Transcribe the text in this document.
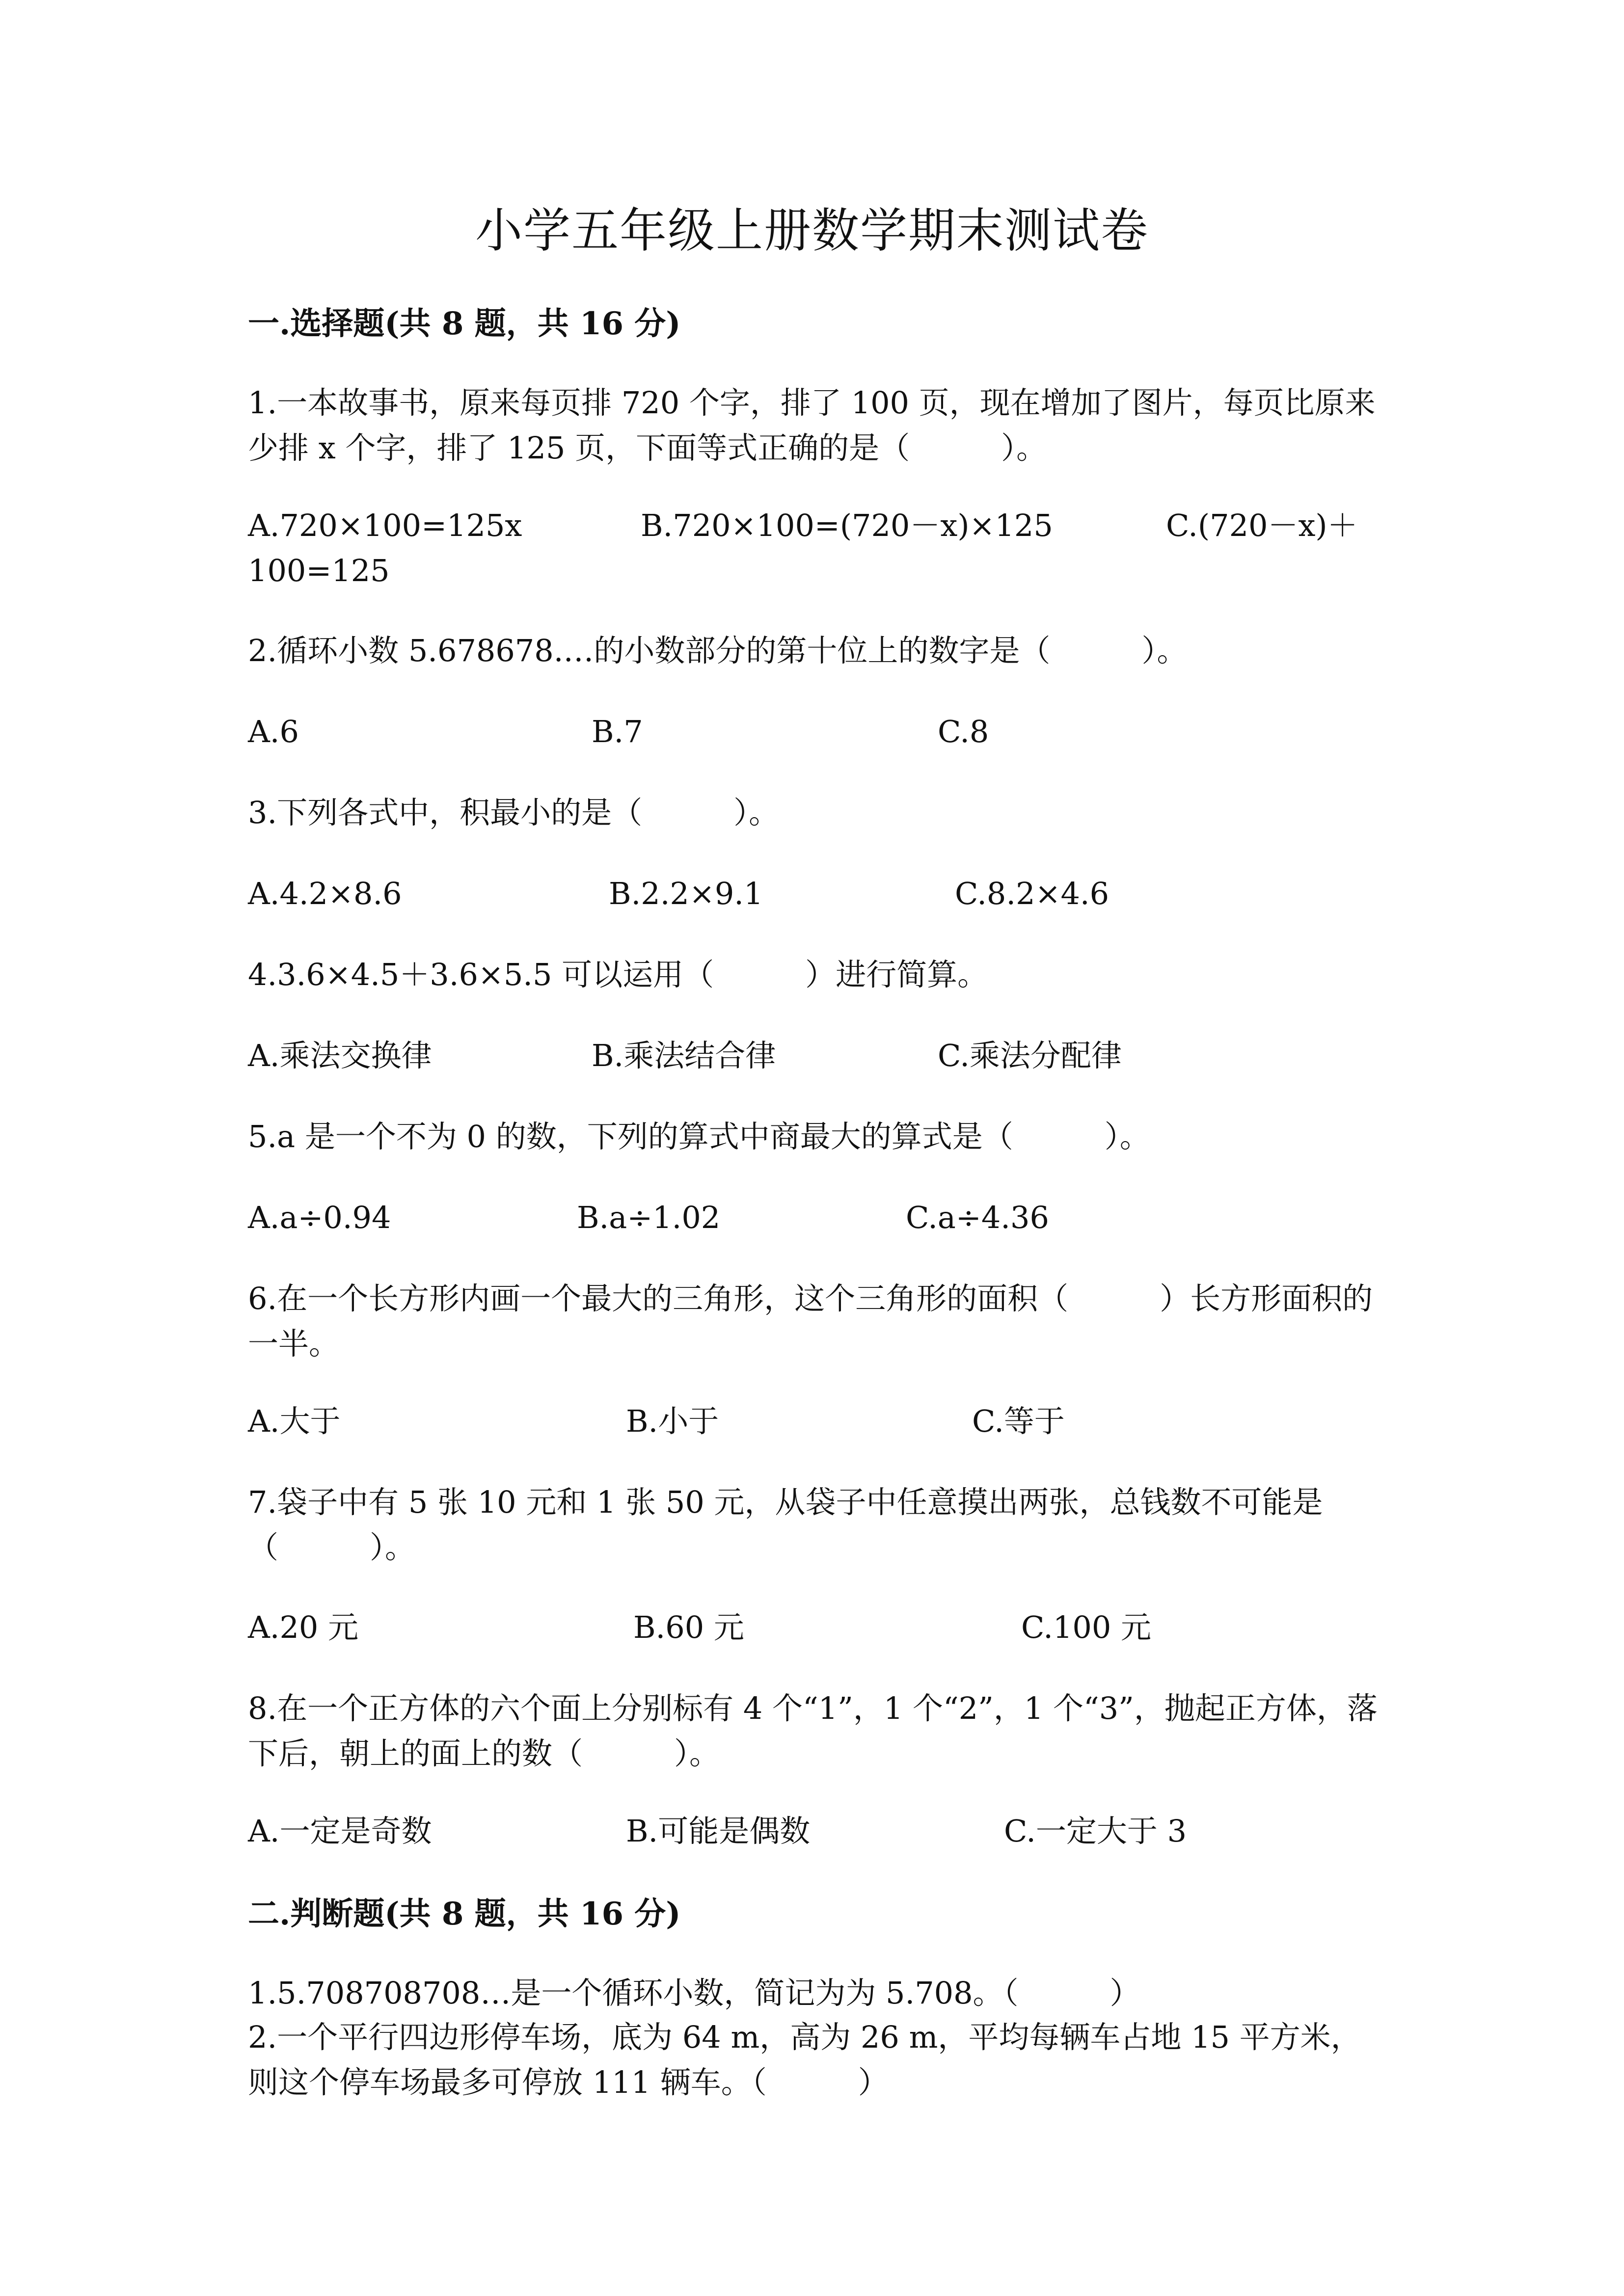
小学五年级上册数学期末测试卷
一.选择题(共 8 题，共 16 分)
1.一本故事书，原来每页排 720 个字，排了 100 页，现在增加了图片，每页比原来少排 x 个字，排了 125 页，下面等式正确的是（　　　）。
A.720×100=125x	B.720×100=(720－x)×125	C.(720－x)＋100=125
2.循环小数 5.678678.…的小数部分的第十位上的数字是（　　　）。
A.6	B.7	C.8
3.下列各式中，积最小的是（　　　）。
A.4.2×8.6	B.2.2×9.1	C.8.2×4.6
4.3.6×4.5＋3.6×5.5 可以运用（　　　）进行简算。
A.乘法交换律	B.乘法结合律	C.乘法分配律
5.a 是一个不为 0 的数，下列的算式中商最大的算式是（　　　）。
A.a÷0.94	B.a÷1.02	C.a÷4.36
6.在一个长方形内画一个最大的三角形，这个三角形的面积（　　　）长方形面积的一半。
A.大于	B.小于	C.等于
7.袋子中有 5 张 10 元和 1 张 50 元，从袋子中任意摸出两张，总钱数不可能是（　　　）。
A.20 元	B.60 元	C.100 元
8.在一个正方体的六个面上分别标有 4 个“1”，1 个“2”，1 个“3”，抛起正方体，落下后，朝上的面上的数（　　　）。
A.一定是奇数	B.可能是偶数	C.一定大于 3
二.判断题(共 8 题，共 16 分)
1.5.708708708…是一个循环小数，简记为为 5.708。（　　　）
2.一个平行四边形停车场，底为 64 m，高为 26 m，平均每辆车占地 15 平方米， 则这个停车场最多可停放 111 辆车。（　　　）
